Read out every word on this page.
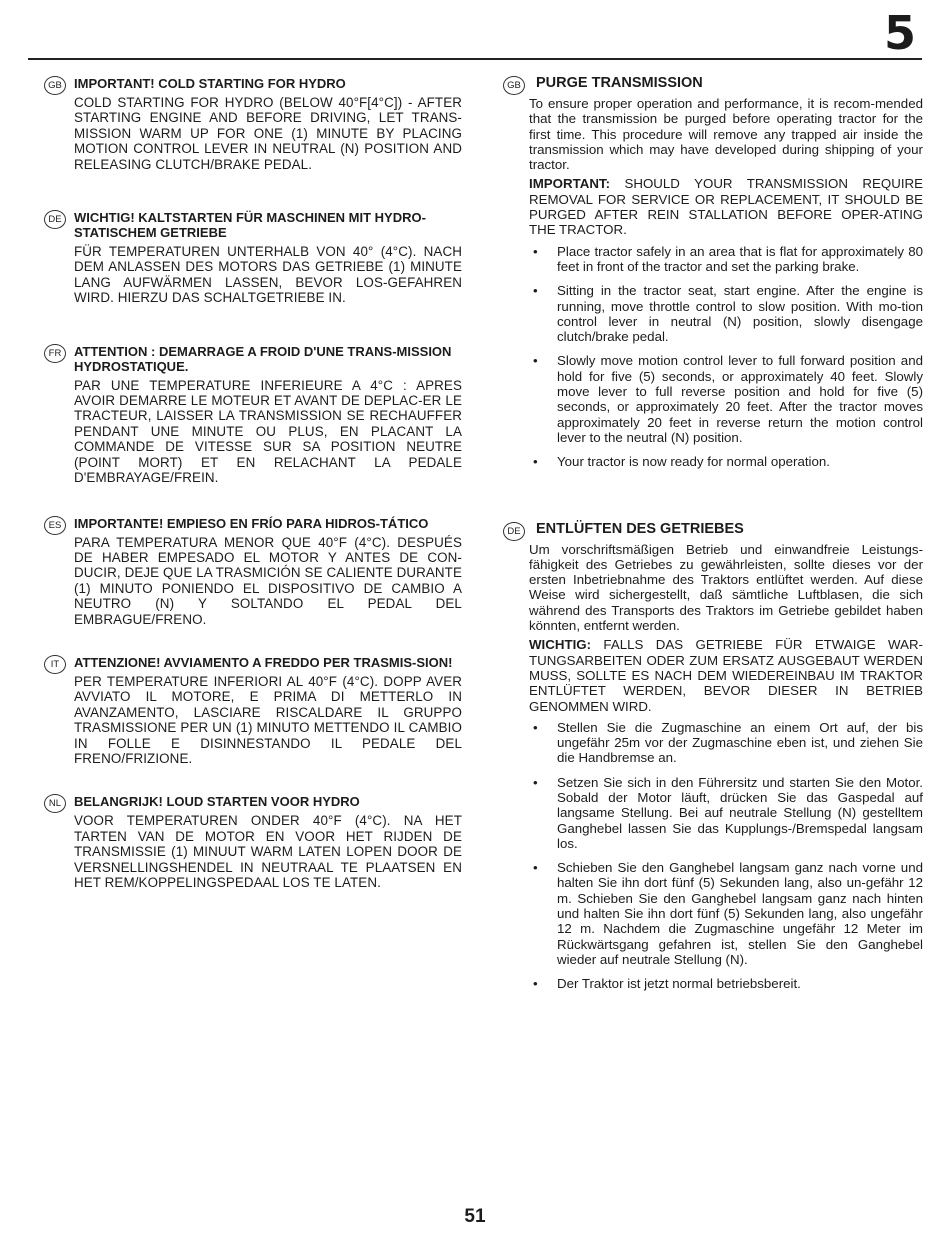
5
GB IMPORTANT! COLD STARTING FOR HYDRO
COLD STARTING FOR HYDRO (BELOW 40°F[4°C]) - AFTER STARTING ENGINE AND BEFORE DRIVING, LET TRANS-MISSION WARM UP FOR ONE (1) MINUTE BY PLACING MOTION CONTROL LEVER IN NEUTRAL (N) POSITION AND RELEASING CLUTCH/BRAKE PEDAL.
DE WICHTIG! KALTSTARTEN FÜR MASCHINEN MIT HYDRO-STATISCHEM GETRIEBE
FÜR TEMPERATUREN UNTERHALB VON 40° (4°C). NACH DEM ANLASSEN DES MOTORS DAS GETRIEBE (1) MINUTE LANG AUFWÄRMEN LASSEN, BEVOR LOS-GEFAHREN WIRD. HIERZU DAS SCHALTGETRIEBE IN.
FR ATTENTION : DEMARRAGE A FROID D'UNE TRANS-MISSION HYDROSTATIQUE.
PAR UNE TEMPERATURE INFERIEURE A 4°C : APRES AVOIR DEMARRE LE MOTEUR ET AVANT DE DEPLAC-ER LE TRACTEUR, LAISSER LA TRANSMISSION SE RECHAUFFER PENDANT UNE MINUTE OU PLUS, EN PLACANT LA COMMANDE DE VITESSE SUR SA POSITION NEUTRE (POINT MORT) ET EN RELACHANT LA PEDALE D'EMBRAYAGE/FREIN.
ES IMPORTANTE! EMPIESO EN FRÍO PARA HIDROS-TÁTICO
PARA TEMPERATURA MENOR QUE 40°F (4°C). DESPUÉS DE HABER EMPESADO EL MOTOR Y ANTES DE CON-DUCIR, DEJE QUE LA TRASMICIÓN SE CALIENTE DURANTE (1) MINUTO PONIENDO EL DISPOSITIVO DE CAMBIO A NEUTRO (N) Y SOLTANDO EL PEDAL DEL EMBRAGUE/FRENO.
IT	ATTENZIONE! AVVIAMENTO A FREDDO PER TRASMIS-SION!
PER TEMPERATURE INFERIORI AL 40°F (4°C). DOPP AVER AVVIATO IL MOTORE, E PRIMA DI METTERLO IN AVANZAMENTO, LASCIARE RISCALDARE IL GRUPPO TRASMISSIONE PER UN (1) MINUTO METTENDO IL CAMBIO IN FOLLE E DISINNESTANDO IL PEDALE DEL FRENO/FRIZIONE.
NL BELANGRIJK! LOUD STARTEN VOOR HYDRO
VOOR TEMPERATUREN ONDER 40°F (4°C). NA HET TARTEN VAN DE MOTOR EN VOOR HET RIJDEN DE TRANSMISSIE (1) MINUUT WARM LATEN LOPEN DOOR DE VERSNELLINGSHENDEL IN NEUTRAAL TE PLAATSEN EN HET REM/KOPPELINGSPEDAAL LOS TE LATEN.
GB PURGE TRANSMISSION
To ensure proper operation and performance, it is recom-mended that the transmission be purged before operating tractor for the first time. This procedure will remove any trapped air inside the transmission which may have developed during shipping of your tractor.
IMPORTANT: SHOULD YOUR TRANSMISSION REQUIRE REMOVAL FOR SERVICE OR REPLACEMENT, IT SHOULD BE PURGED AFTER REIN STALLATION BEFORE OPER-ATING THE TRACTOR.
• Place tractor safely in an area that is flat for approximately 80 feet in front of the tractor and set the parking brake.
• Sitting in the tractor seat, start engine. After the engine is running, move throttle control to slow position. With mo-tion control lever in neutral (N) position, slowly disengage clutch/brake pedal.
• Slowly move motion control lever to full forward position and hold for five (5) seconds, or approximately 40 feet. Slowly move lever to full reverse position and hold for five (5) seconds, or approximately 20 feet. After the tractor moves approximately 20 feet in reverse return the motion control lever to the neutral (N) position.
• Your tractor is now ready for normal operation.
DE	ENTLÜFTEN DES GETRIEBES
Um vorschriftsmäßigen Betrieb und einwandfreie Leistungs-fähigkeit des Getriebes zu gewährleisten, sollte dieses vor der ersten Inbetriebnahme des Traktors entlüftet werden. Auf diese Weise wird sichergestellt, daß sämtliche Luftblasen, die sich während des Transports des Traktors im Getriebe gebildet haben könnten, entfernt werden.
WICHTIG: FALLS DAS GETRIEBE FÜR ETWAIGE WAR-TUNGSARBEITEN ODER ZUM ERSATZ AUSGEBAUT WERDEN MUSS, SOLLTE ES NACH DEM WIEDEREINBAU IM TRAKTOR ENTLÜFTET WERDEN, BEVOR DIESER IN BETRIEB GENOMMEN WIRD.
• Stellen Sie die Zugmaschine an einem Ort auf, der bis ungefähr 25m vor der Zugmaschine eben ist, und ziehen Sie die Handbremse an.
• Setzen Sie sich in den Führersitz und starten Sie den Motor. Sobald der Motor läuft, drücken Sie das Gaspedal auf langsame Stellung. Bei auf neutrale Stellung (N) gestelltem Ganghebel lassen Sie das Kupplungs-/Bremspedal langsam los.
• Schieben Sie den Ganghebel langsam ganz nach vorne und halten Sie ihn dort fünf (5) Sekunden lang, also un-gefähr 12 m. Schieben Sie den Ganghebel langsam ganz nach hinten und halten Sie ihn dort fünf (5) Sekunden lang, also ungefähr 12 m. Nachdem die Zugmaschine ungefähr 12 Meter im Rückwärtsgang gefahren ist, stellen Sie den Ganghebel wieder auf neutrale Stellung (N).
• Der Traktor ist jetzt normal betriebsbereit.
51
